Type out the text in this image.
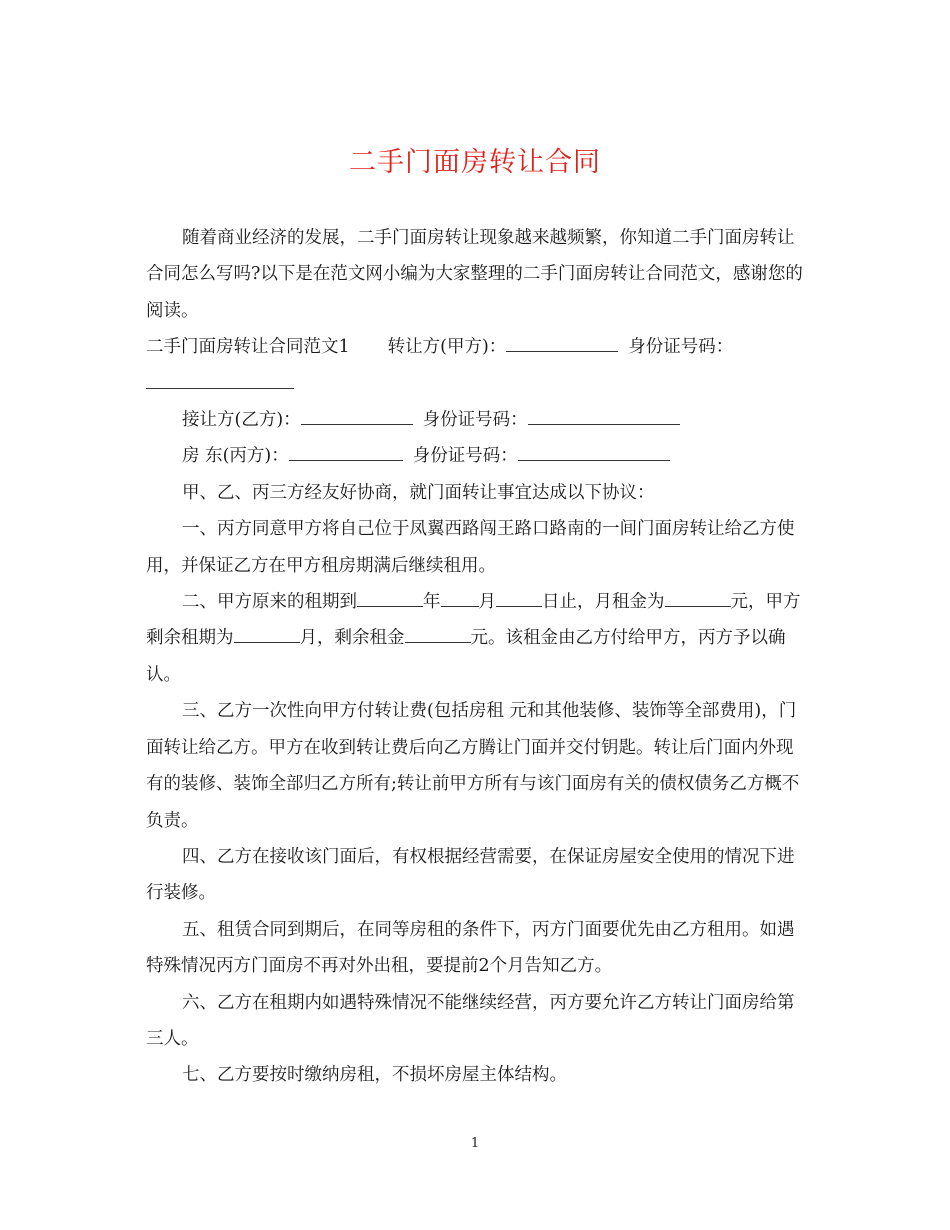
二手门面房转让合同

随着商业经济的发展，二手门面房转让现象越来越频繁，你知道二手门面房转让合同怎么写吗?以下是在范文网小编为大家整理的二手门面房转让合同范文，感谢您的阅读。

二手门面房转让合同范文1 转让方(甲方)：	身份证号码：

接让方(乙方)：	身份证号码：

房 东(丙方)：	身份证号码：

甲、乙、丙三方经友好协商，就门面转让事宜达成以下协议：

一、丙方同意甲方将自己位于凤翼西路闯王路口路南的一间门面房转让给乙方使用，并保证乙方在甲方租房期满后继续租用。

二、甲方原来的租期到	年 月	日止，月租金为	元，甲方剩余租期为	月，剩余租金	元。该租金由乙方付给甲方，丙方予以确认。

三、乙方一次性向甲方付转让费(包括房租 元和其他装修、装饰等全部费用)，门面转让给乙方。甲方在收到转让费后向乙方腾让门面并交付钥匙。转让后门面内外现有的装修、装饰全部归乙方所有;转让前甲方所有与该门面房有关的债权债务乙方概不负责。

四、乙方在接收该门面后，有权根据经营需要，在保证房屋安全使用的情况下进行装修。

五、租赁合同到期后，在同等房租的条件下，丙方门面要优先由乙方租用。如遇特殊情况丙方门面房不再对外出租，要提前2个月告知乙方。

六、乙方在租期内如遇特殊情况不能继续经营，丙方要允许乙方转让门面房给第三人。

七、乙方要按时缴纳房租，不损坏房屋主体结构。

1
